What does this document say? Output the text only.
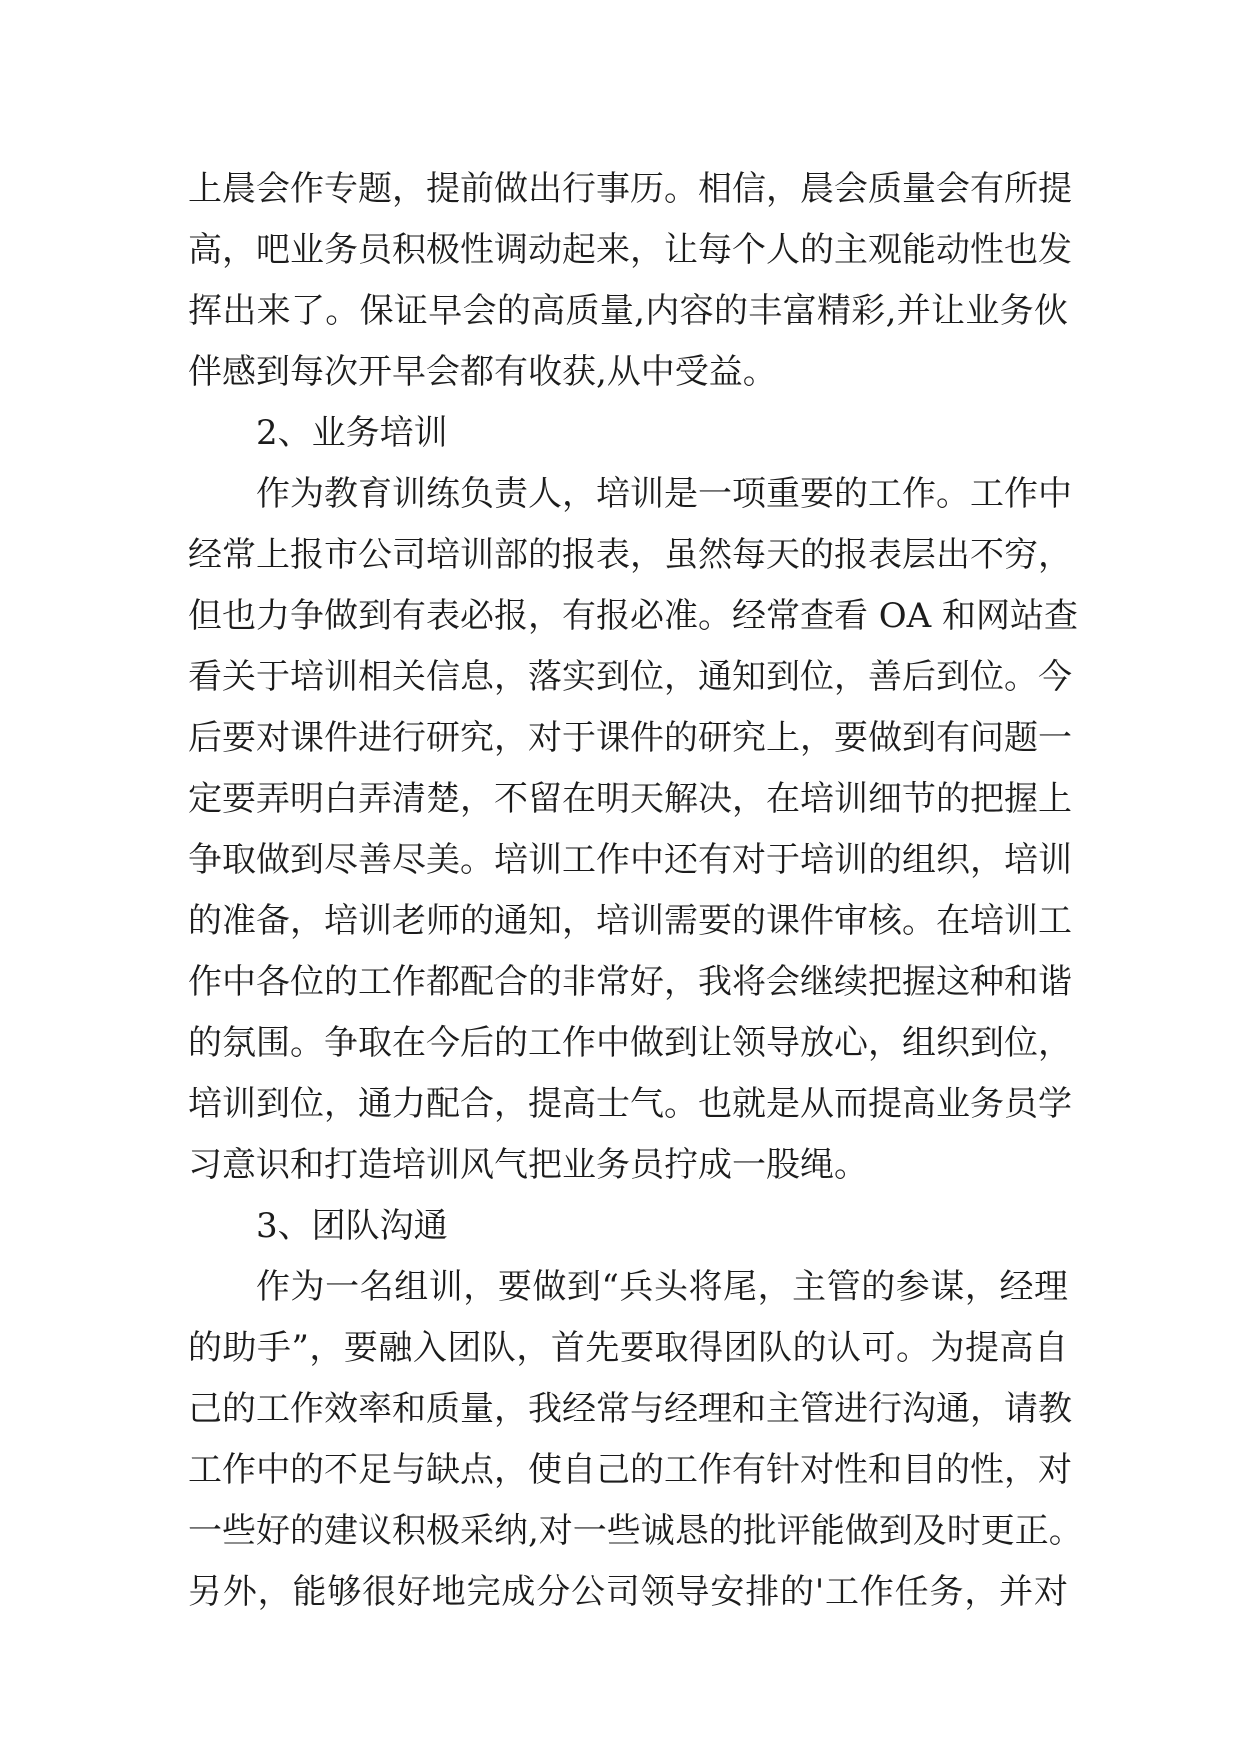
上晨会作专题，提前做出行事历。相信，晨会质量会有所提
高，吧业务员积极性调动起来，让每个人的主观能动性也发
挥出来了。保证早会的高质量,内容的丰富精彩,并让业务伙
伴感到每次开早会都有收获,从中受益。
2、业务培训
作为教育训练负责人，培训是一项重要的工作。工作中
经常上报市公司培训部的报表，虽然每天的报表层出不穷，
但也力争做到有表必报，有报必准。经常查看 OA 和网站查
看关于培训相关信息，落实到位，通知到位，善后到位。今
后要对课件进行研究，对于课件的研究上，要做到有问题一
定要弄明白弄清楚，不留在明天解决，在培训细节的把握上
争取做到尽善尽美。培训工作中还有对于培训的组织，培训
的准备，培训老师的通知，培训需要的课件审核。在培训工
作中各位的工作都配合的非常好，我将会继续把握这种和谐
的氛围。争取在今后的工作中做到让领导放心，组织到位，
培训到位，通力配合，提高士气。也就是从而提高业务员学
习意识和打造培训风气把业务员拧成一股绳。
3、团队沟通
作为一名组训，要做到“兵头将尾，主管的参谋，经理
的助手”，要融入团队，首先要取得团队的认可。为提高自
己的工作效率和质量，我经常与经理和主管进行沟通，请教
工作中的不足与缺点，使自己的工作有针对性和目的性，对
一些好的建议积极采纳,对一些诚恳的批评能做到及时更正。
另外，能够很好地完成分公司领导安排的'工作任务，并对
